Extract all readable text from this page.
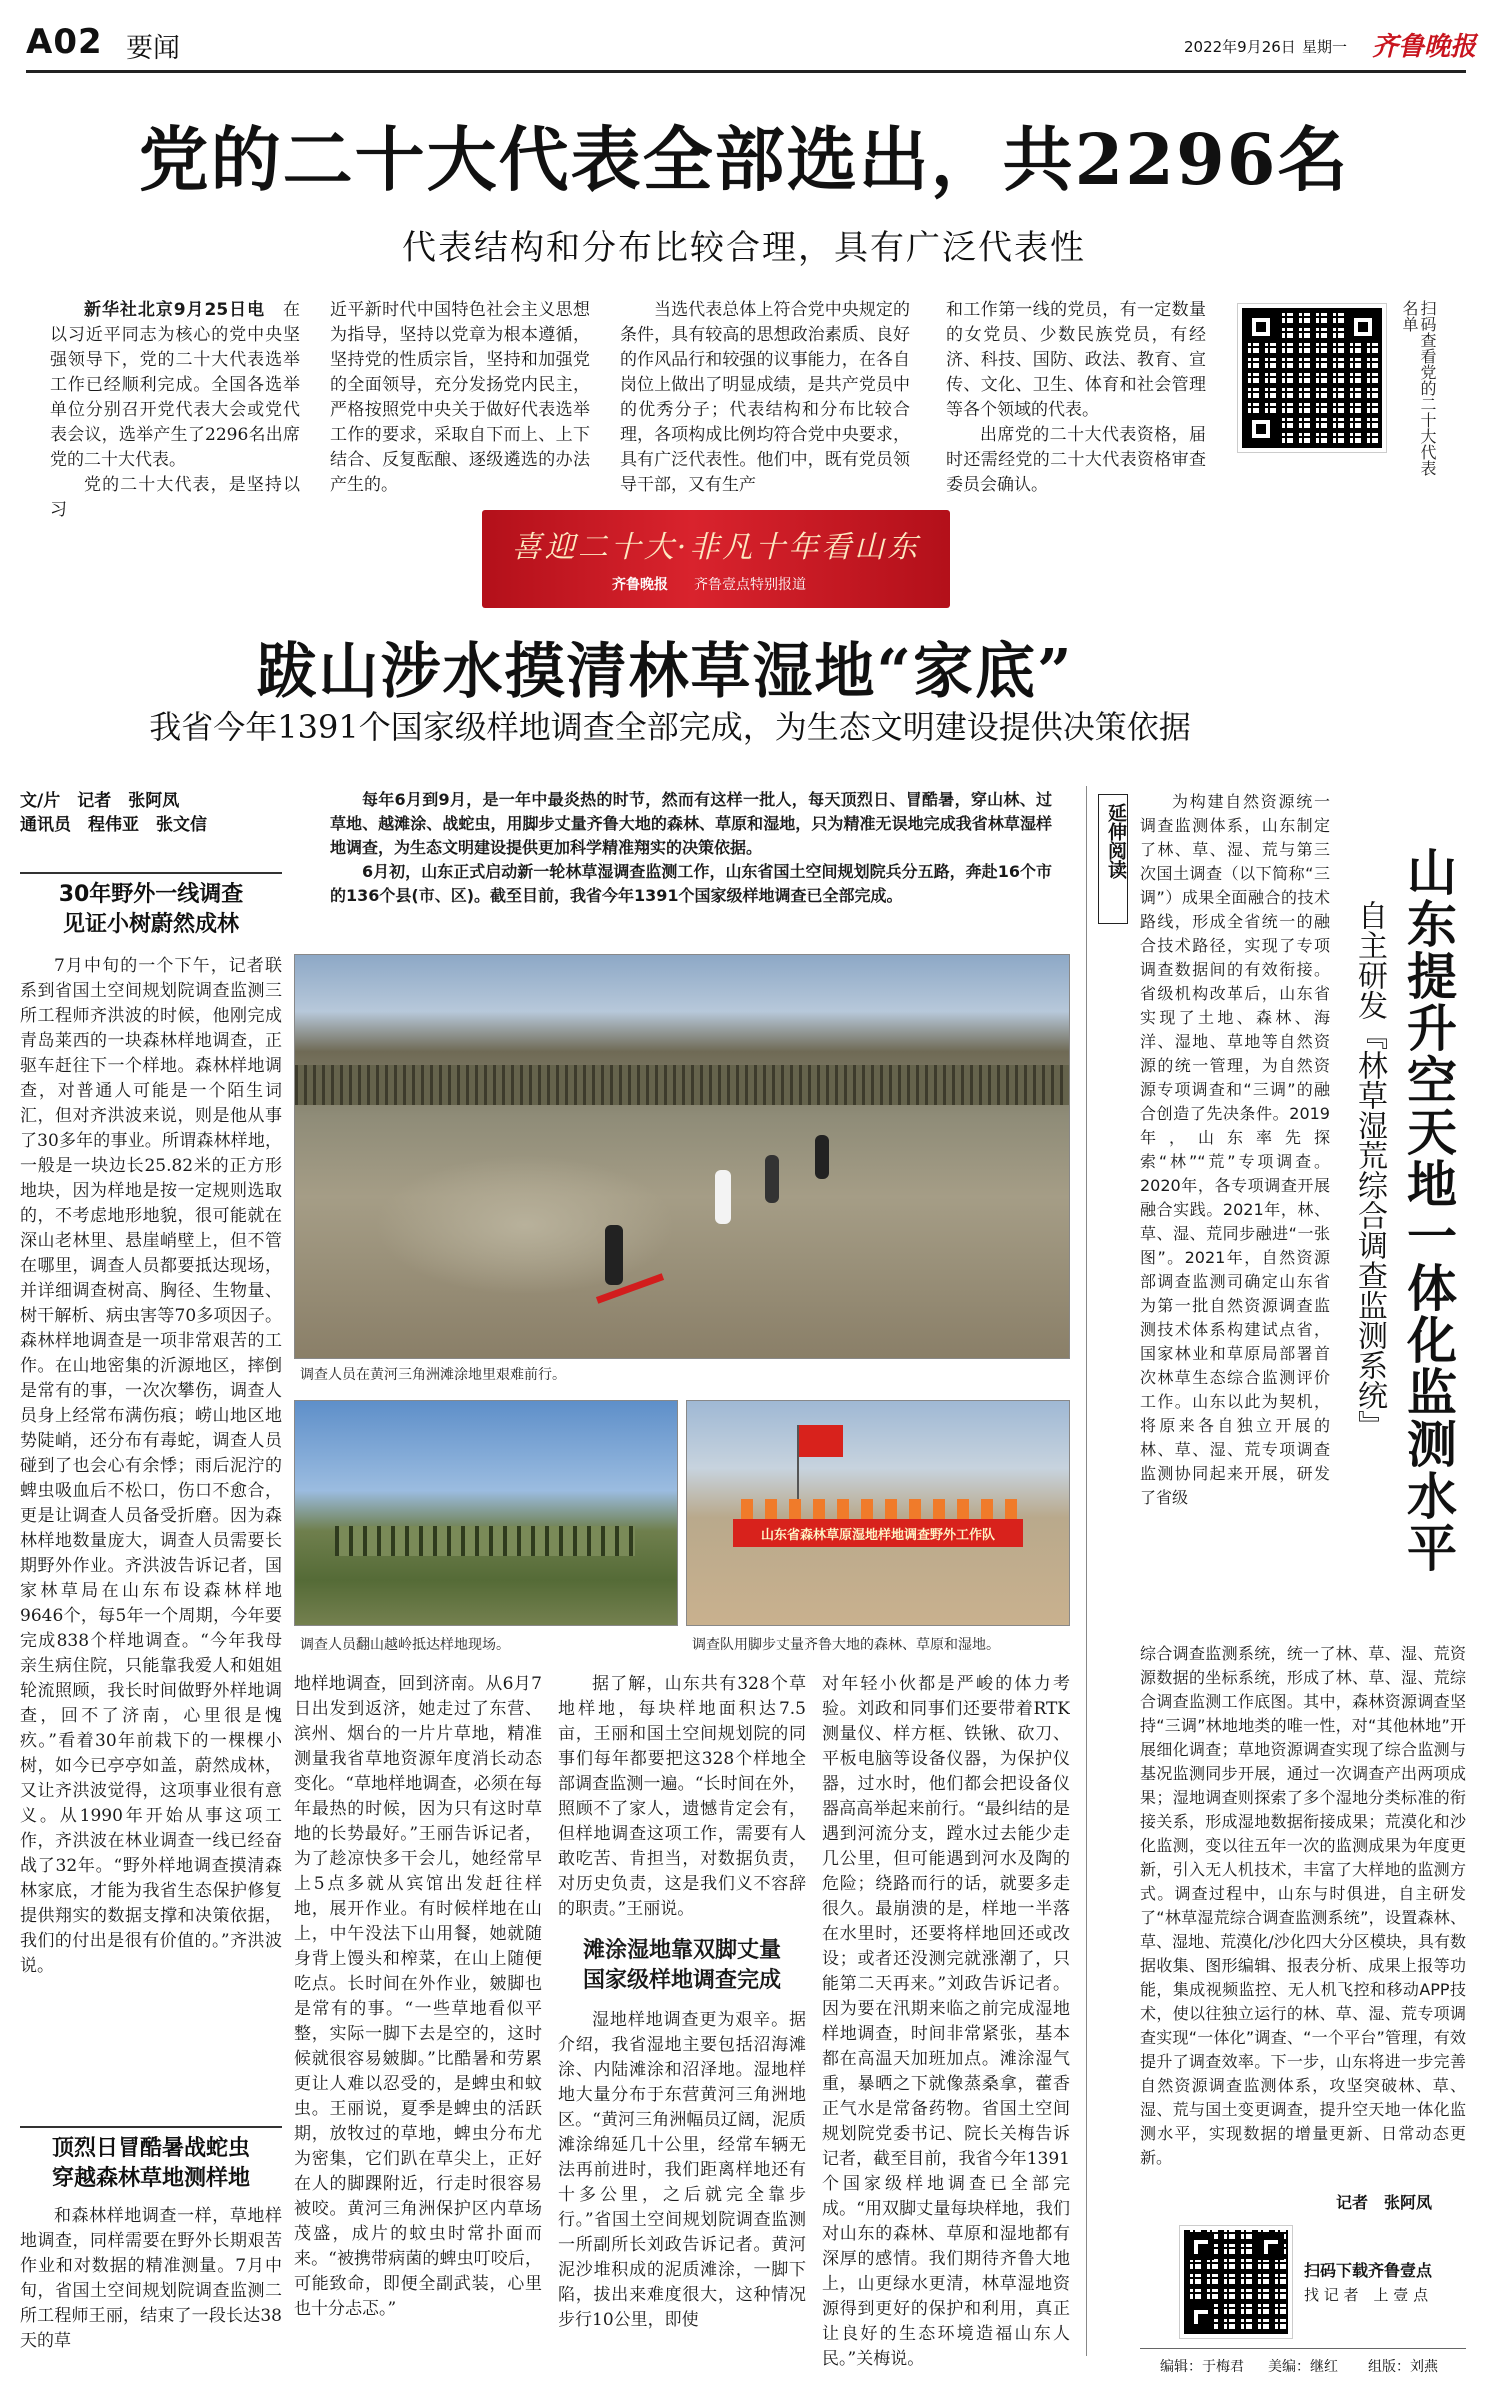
A02 要闻	2022年9月26日 星期一 齐鲁晚报
党的二十大代表全部选出，共2296名
代表结构和分布比较合理，具有广泛代表性

新华社北京9月25日电　 在以习近平同志为核心的党中央坚强领导下，党的二十大代表选举工作已经顺利完成。全国各选举单位分别召开党代表大会或党代表会议，选举产生了2296名出席党的二十大代表。

党的二十大代表，是坚持以习

近平新时代中国特色社会主义思想为指导，坚持以党章为根本遵循，坚持党的性质宗旨，坚持和加强党的全面领导，充分发扬党内民主，严格按照党中央关于做好代表选举工作的要求，采取自下而上、上下结合、反复酝酿、逐级遴选的办法产生的。

当选代表总体上符合党中央规定的条件，具有较高的思想政治素质、良好的作风品行和较强的议事能力，在各自岗位上做出了明显成绩，是共产党员中的优秀分子；代表结构和分布比较合理，各项构成比例均符合党中央要求，具有广泛代表性。他们中，既有党员领导干部，又有生产

和工作第一线的党员，有一定数量的女党员、少数民族党员，有经济、科技、国防、政法、教育、宣传、文化、卫生、体育和社会管理等各个领域的代表。

出席党的二十大代表资格，届时还需经党的二十大代表资格审查委员会确认。

扫码查看党的二十大代表名单
喜迎二十大·非凡十年看山东
齐鲁晚报 齐鲁壹点特别报道
跋山涉水摸清林草湿地“家底”
我省今年1391个国家级样地调查全部完成，为生态文明建设提供决策依据
文/片　记者　张阿凤
通讯员　程伟亚　张文信

每年6月到9月，是一年中最炎热的时节，然而有这样一批人，每天顶烈日、冒酷暑，穿山林、过草地、越滩涂、战蛇虫，用脚步丈量齐鲁大地的森林、草原和湿地，只为精准无误地完成我省林草湿样地调查，为生态文明建设提供更加科学精准翔实的决策依据。

6月初，山东正式启动新一轮林草湿调查监测工作，山东省国土空间规划院兵分五路，奔赴16个市的136个县(市、区)。截至目前，我省今年1391个国家级样地调查已全部完成。

调查人员在黄河三角洲滩涂地里艰难前行。
调查人员翻山越岭抵达样地现场。
山东省森林草原湿地样地调查野外工作队
调查队用脚步丈量齐鲁大地的森林、草原和湿地。
30年野外一线调查
见证小树蔚然成林

7月中旬的一个下午，记者联系到省国土空间规划院调查监测三所工程师齐洪波的时候，他刚完成青岛莱西的一块森林样地调查，正驱车赶往下一个样地。森林样地调查，对普通人可能是一个陌生词汇，但对齐洪波来说，则是他从事了30多年的事业。所谓森林样地，一般是一块边长25.82米的正方形地块，因为样地是按一定规则选取的，不考虑地形地貌，很可能就在深山老林里、悬崖峭壁上，但不管在哪里，调查人员都要抵达现场，并详细调查树高、胸径、生物量、树干解析、病虫害等70多项因子。森林样地调查是一项非常艰苦的工作。在山地密集的沂源地区，摔倒是常有的事，一次次攀伤，调查人员身上经常布满伤痕；崂山地区地势陡峭，还分布有毒蛇，调查人员碰到了也会心有余悸；雨后泥泞的蜱虫吸血后不松口，伤口不愈合，更是让调查人员备受折磨。因为森林样地数量庞大，调查人员需要长期野外作业。齐洪波告诉记者，国家林草局在山东布设森林样地9646个，每5年一个周期，今年要完成838个样地调查。“今年我母亲生病住院，只能靠我爱人和姐姐轮流照顾，我长时间做野外样地调查，回不了济南，心里很是愧疚。”看着30年前栽下的一棵棵小树，如今已亭亭如盖，蔚然成林，又让齐洪波觉得，这项事业很有意义。从1990年开始从事这项工作，齐洪波在林业调查一线已经奋战了32年。“野外样地调查摸清森林家底，才能为我省生态保护修复提供翔实的数据支撑和决策依据，我们的付出是很有价值的。”齐洪波说。

顶烈日冒酷暑战蛇虫
穿越森林草地测样地

和森林样地调查一样，草地样地调查，同样需要在野外长期艰苦作业和对数据的精准测量。7月中旬，省国土空间规划院调查监测二所工程师王丽，结束了一段长达38天的草

地样地调查，回到济南。从6月7日出发到返济，她走过了东营、滨州、烟台的一片片草地，精准测量我省草地资源年度消长动态变化。“草地样地调查，必须在每年最热的时候，因为只有这时草地的长势最好。”王丽告诉记者，为了趁凉快多干会儿，她经常早上5点多就从宾馆出发赶往样地，展开作业。有时候样地在山上，中午没法下山用餐，她就随身背上馒头和榨菜，在山上随便吃点。长时间在外作业，皴脚也是常有的事。“一些草地看似平整，实际一脚下去是空的，这时候就很容易皴脚。”比酷暑和劳累更让人难以忍受的，是蜱虫和蚊虫。王丽说，夏季是蜱虫的活跃期，放牧过的草地，蜱虫分布尤为密集，它们趴在草尖上，正好在人的脚踝附近，行走时很容易被咬。黄河三角洲保护区内草场茂盛，成片的蚊虫时常扑面而来。“被携带病菌的蜱虫叮咬后，可能致命，即便全副武装，心里也十分忐忑。”

据了解，山东共有328个草地样地，每块样地面积达7.5亩，王丽和国土空间规划院的同事们每年都要把这328个样地全部调查监测一遍。“长时间在外，照顾不了家人，遗憾肯定会有，但样地调查这项工作，需要有人敢吃苦、肯担当，对数据负责，对历史负责，这是我们义不容辞的职责。”王丽说。

滩涂湿地靠双脚丈量
国家级样地调查完成

湿地样地调查更为艰辛。据介绍，我省湿地主要包括沼海滩涂、内陆滩涂和沼泽地。湿地样地大量分布于东营黄河三角洲地区。“黄河三角洲幅员辽阔，泥质滩涂绵延几十公里，经常车辆无法再前进时，我们距离样地还有十多公里，之后就完全靠步行。”省国土空间规划院调查监测一所副所长刘政告诉记者。黄河泥沙堆积成的泥质滩涂，一脚下陷，拔出来难度很大，这种情况步行10公里，即使

对年轻小伙都是严峻的体力考验。刘政和同事们还要带着RTK测量仪、样方框、铁锹、砍刀、平板电脑等设备仪器，为保护仪器，过水时，他们都会把设备仪器高高举起来前行。“最纠结的是遇到河流分支，蹚水过去能少走几公里，但可能遇到河水及陶的危险；绕路而行的话，就要多走很久。最崩溃的是，样地一半落在水里时，还要将样地回还或改设；或者还没测完就涨潮了，只能第二天再来。”刘政告诉记者。因为要在汛期来临之前完成湿地样地调查，时间非常紧张，基本都在高温天加班加点。滩涂湿气重，暴晒之下就像蒸桑拿，藿香正气水是常备药物。省国土空间规划院党委书记、院长关梅告诉记者，截至目前，我省今年1391个国家级样地调查已全部完成。“用双脚丈量每块样地，我们对山东的森林、草原和湿地都有深厚的感情。我们期待齐鲁大地上，山更绿水更清，林草湿地资源得到更好的保护和利用，真正让良好的生态环境造福山东人民。”关梅说。

延伸阅读

为构建自然资源统一调查监测体系，山东制定了林、草、湿、荒与第三次国土调查（以下简称“三调”）成果全面融合的技术路线，形成全省统一的融合技术路径，实现了专项调查数据间的有效衔接。省级机构改革后，山东省实现了土地、森林、海洋、湿地、草地等自然资源的统一管理，为自然资源专项调查和“三调”的融合创造了先决条件。2019年，山东率先探索“林”“荒”专项调查。2020年，各专项调查开展融合实践。2021年，林、草、湿、荒同步融进“一张图”。2021年，自然资源部调查监测司确定山东省为第一批自然资源调查监测技术体系构建试点省，国家林业和草原局部署首次林草生态综合监测评价工作。山东以此为契机，将原来各自独立开展的林、草、湿、荒专项调查监测协同起来开展，研发了省级	山东提升空天地一体化监测水平
自主研发『林草湿荒综合调查监测系统』

综合调查监测系统，统一了林、草、湿、荒资源数据的坐标系统，形成了林、草、湿、荒综合调查监测工作底图。其中，森林资源调查坚持“三调”林地地类的唯一性，对“其他林地”开展细化调查；草地资源调查实现了综合监测与基况监测同步开展，通过一次调查产出两项成果；湿地调查则探索了多个湿地分类标准的衔接关系，形成湿地数据衔接成果；荒漠化和沙化监测，变以往五年一次的监测成果为年度更新，引入无人机技术，丰富了大样地的监测方式。调查过程中，山东与时俱进，自主研发了“林草湿荒综合调查监测系统”，设置森林、草、湿地、荒漠化/沙化四大分区模块，具有数据收集、图形编辑、报表分析、成果上报等功能，集成视频监控、无人机飞控和移动APP技术，使以往独立运行的林、草、湿、荒专项调查实现“一体化”调查、“一个平台”管理，有效提升了调查效率。下一步，山东将进一步完善自然资源调查监测体系，攻坚突破林、草、湿、荒与国土变更调查，提升空天地一体化监测水平，实现数据的增量更新、日常动态更新。

记者　张阿凤
扫码下载齐鲁壹点
找 记 者　上 壹 点
编辑：于梅君 美编：继红 组版：刘燕
